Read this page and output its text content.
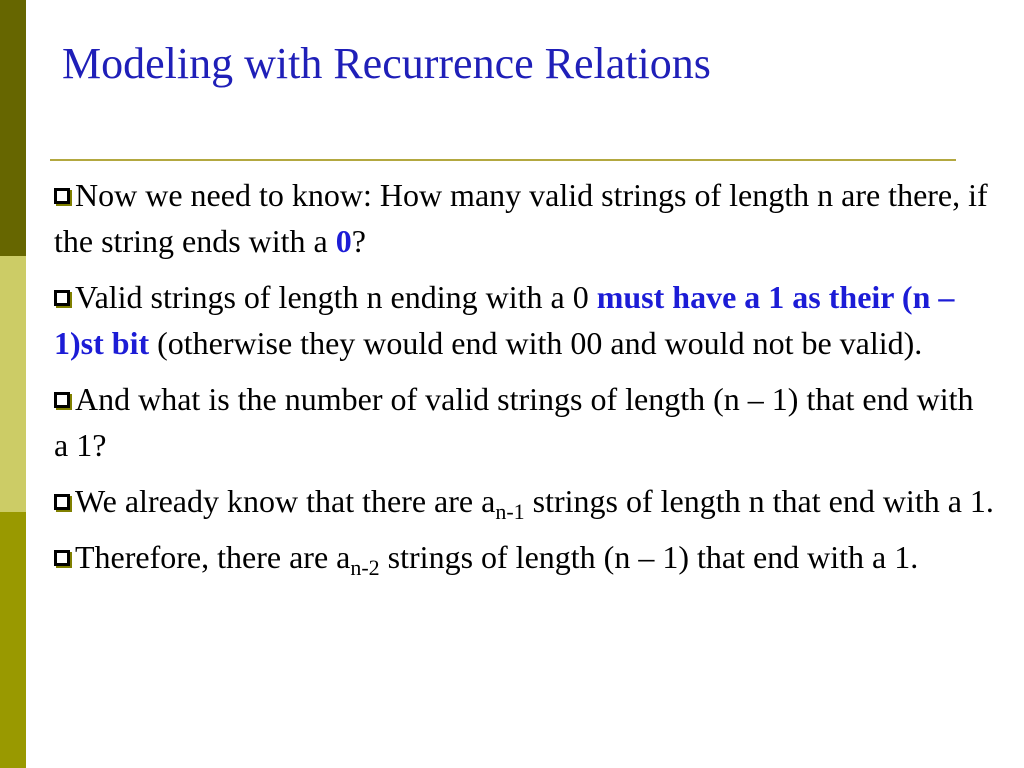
Modeling with Recurrence Relations
Now we need to know: How many valid strings of length n are there, if the string ends with a 0?
Valid strings of length n ending with a 0 must have a 1 as their (n – 1)st bit (otherwise they would end with 00 and would not be valid).
And what is the number of valid strings of length (n – 1) that end with a 1?
We already know that there are $a_{n-1}$ strings of length n that end with a 1.
Therefore, there are $a_{n-2}$ strings of length (n – 1) that end with a 1.
